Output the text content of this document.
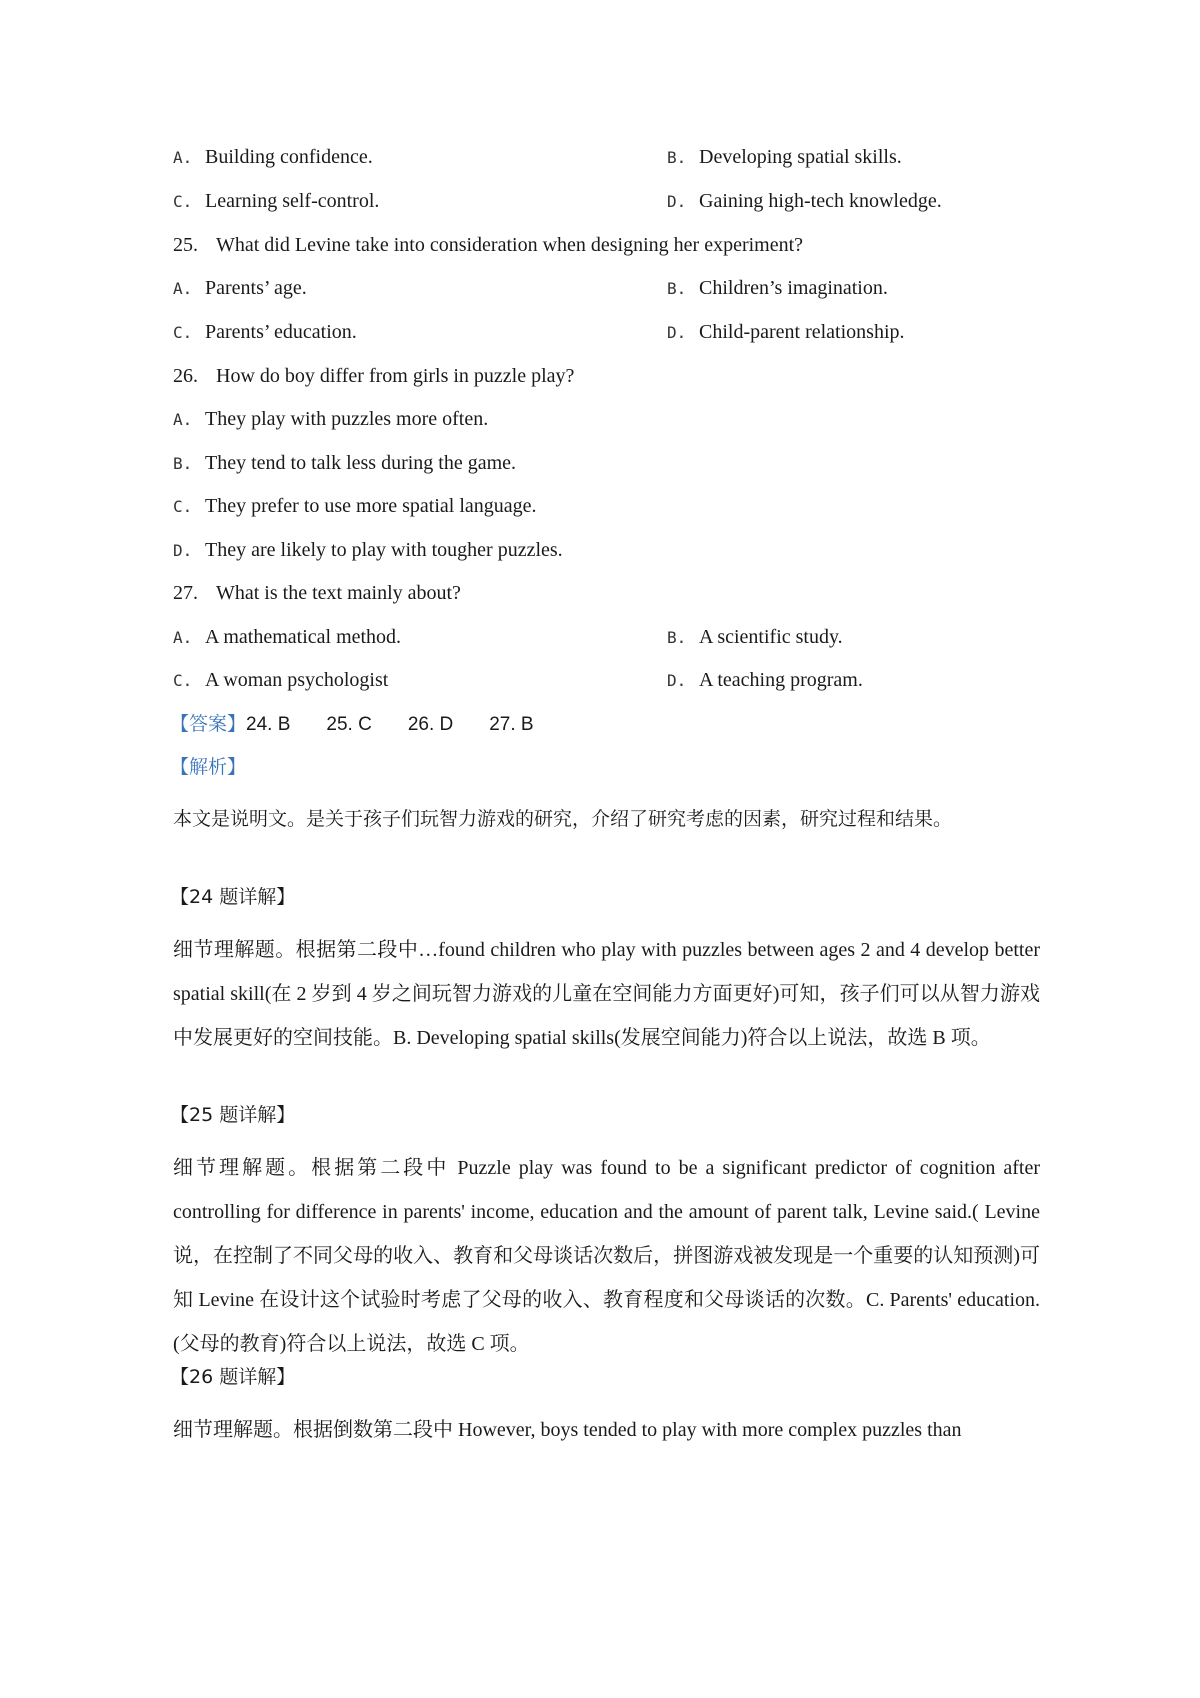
A. Building confidence.	B. Developing spatial skills.
C. Learning self-control.	D. Gaining high-tech knowledge.
25. What did Levine take into consideration when designing her experiment?
A. Parents’ age.	B. Children’s imagination.
C. Parents’ education.	D. Child-parent relationship.
26. How do boy differ from girls in puzzle play?
A. They play with puzzles more often.
B. They tend to talk less during the game.
C. They prefer to use more spatial language.
D. They are likely to play with tougher puzzles.
27. What is the text mainly about?
A. A mathematical method.	B. A scientific study.
C. A woman psychologist	D. A teaching program.
【答案】24. B 25. C 26. D 27. B
【解析】
本文是说明文。是关于孩子们玩智力游戏的研究，介绍了研究考虑的因素，研究过程和结果。
【24 题详解】
细节理解题。根据第二段中…found children who play with puzzles between ages 2 and 4 develop better spatial skill(在 2 岁到 4 岁之间玩智力游戏的儿童在空间能力方面更好)可知，孩子们可以从智力游戏中发展更好的空间技能。B. Developing spatial skills(发展空间能力)符合以上说法，故选 B 项。
【25 题详解】
细节理解题。根据第二段中 Puzzle play was found to be a significant predictor of cognition after controlling for difference in parents' income, education and the amount of parent talk, Levine said.( Levine 说，在控制了不同父母的收入、教育和父母谈话次数后，拼图游戏被发现是一个重要的认知预测)可知 Levine 在设计这个试验时考虑了父母的收入、教育程度和父母谈话的次数。C. Parents' education.(父母的教育)符合以上说法，故选 C 项。
【26 题详解】
细节理解题。根据倒数第二段中 However, boys tended to play with more complex puzzles than
